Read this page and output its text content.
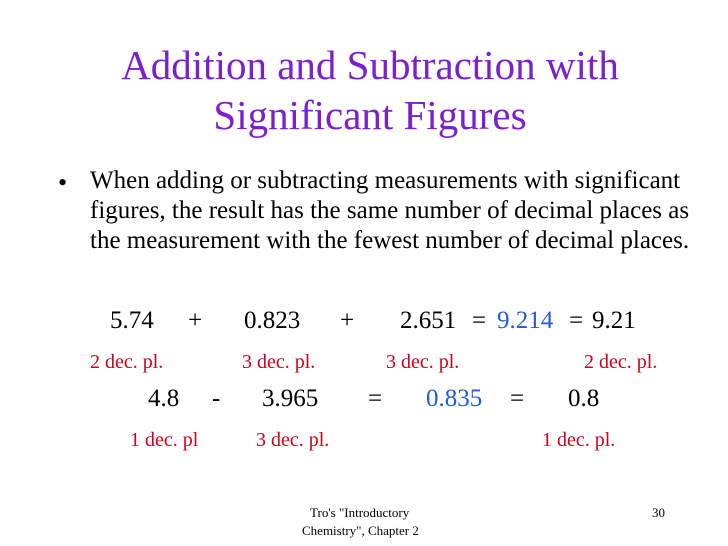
Addition and Subtraction with
Significant Figures
• When adding or subtracting measurements with significant figures, the result has the same number of decimal places as the measurement with the fewest number of decimal places.
5.74 + 0.823 + 2.651 = 9.214 = 9.21
2 dec. pl.	3 dec. pl.	3 dec. pl.	2 dec. pl.
4.8 - 3.965 = 0.835 = 0.8
1 dec. pl	3 dec. pl.	1 dec. pl.
Tro's "Introductory
Chemistry", Chapter 2
30
